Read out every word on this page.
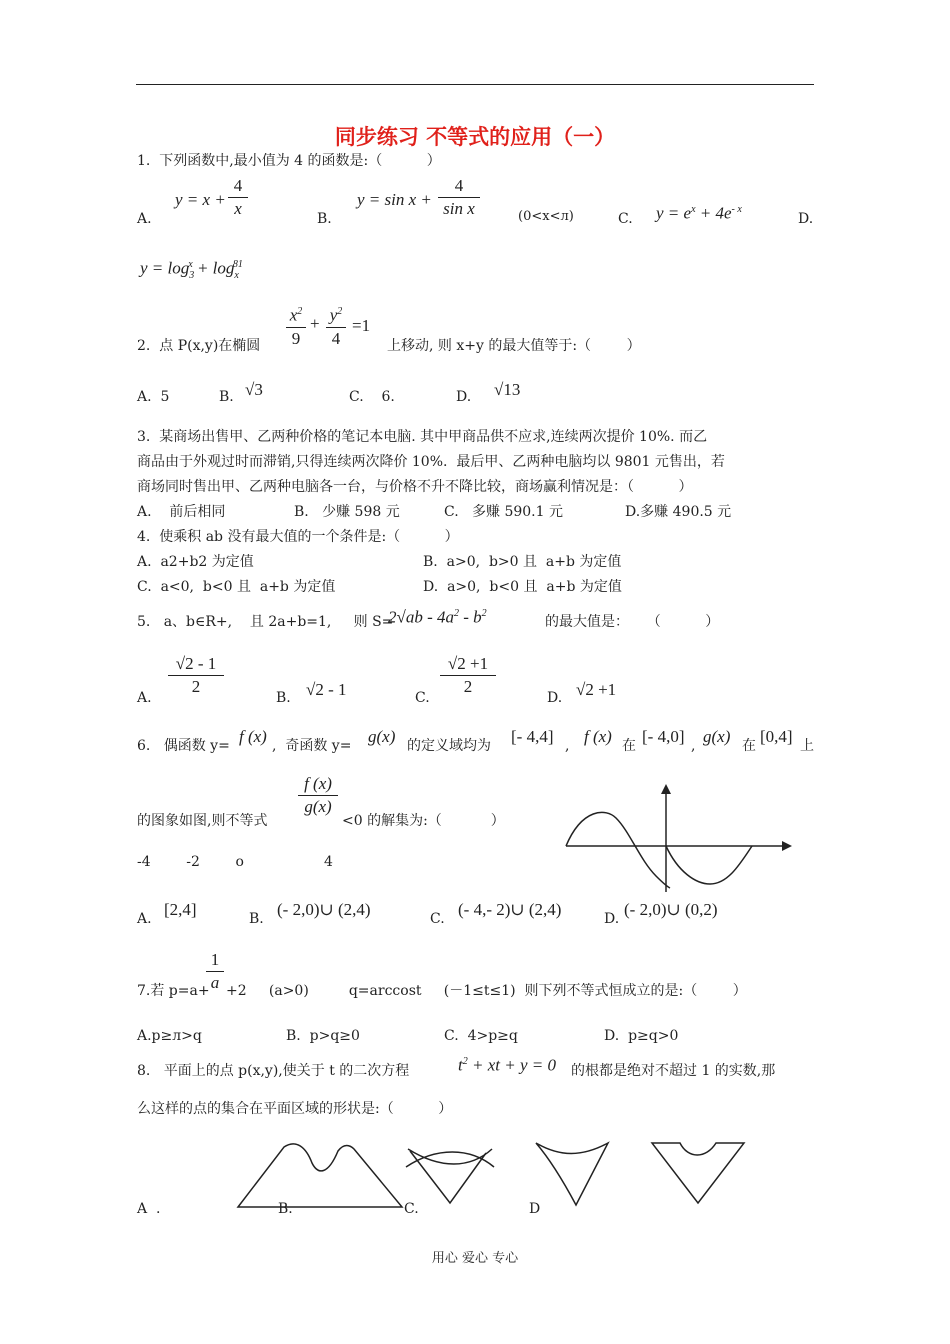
同步练习 不等式的应用（一）
1.  下列函数中,最小值为 4 的函数是:（          ）
A.
y = x +
4
x
B.
y = sin x +
4
sin x	(0<x<л)	C. $y = e^x + 4e^{- x}$
D.
$y = \log_3^x + \log_x^{81}$
2.  点 P(x,y)在椭圆
$x^2$
9
+ $y^2$
4
=1
上移动, 则 x+y 的最大值等于:（        ）
A.  5	B. √3	C.    6.	D. √13
3.  某商场出售甲、乙两种价格的笔记本电脑. 其中甲商品供不应求,连续两次提价 10%. 而乙
商品由于外观过时而滞销,只得连续两次降价 10%.  最后甲、乙两种电脑均以 9801 元售出，若
商场同时售出甲、乙两种电脑各一台，与价格不升不降比较，商场赢利情况是：（          ）
A.    前后相同	B.   少赚 598 元	C.   多赚 590.1 元	D.多赚 490.5 元
4.  使乘积 ab 没有最大值的一个条件是:（          ）
A.  a2+b2 为定值	B.  a>0,  b>0 且  a+b 为定值
C.  a<0,  b<0 且  a+b 为定值	D.  a>0,  b<0 且  a+b 为定值
5.   a、b∈R+,    且 2a+b=1,     则 S=
$2√ab - 4a^2 - b^2$
的最大值是：    （          ）
A.
√2 - 1
2
B. √2 - 1	C.
√2 +1
2
D. √2 +1
6.   偶函数 y= f (x) ,  奇函数 y= g(x) 的定义域均为 [- 4,4] , f (x) 在 [- 4,0] , g(x) 在 [0,4] 上
的图象如图,则不等式
f (x)
g(x)
<0 的解集为:（           ）
-4        -2        o                  4
A. [2,4]	B. (- 2,0)∪ (2,4)	C. (- 4,- 2)∪ (2,4)	D. (- 2,0)∪ (0,2)
7.若 p=a+
1
a +2     (a>0)         q=arccost     (－1≤t≤1)  则下列不等式恒成立的是:（        ）
A.p≥л>q	B.  p>q≥0	C.  4>p≥q	D.  p≥q>0
8.   平面上的点 p(x,y),使关于 t 的二次方程	$t^2$ + xt + y = 0 的根都是绝对不超过 1 的实数,那
么这样的点的集合在平面区域的形状是:（          ）
A  .	B.	C.	D
用心 爱心 专心
